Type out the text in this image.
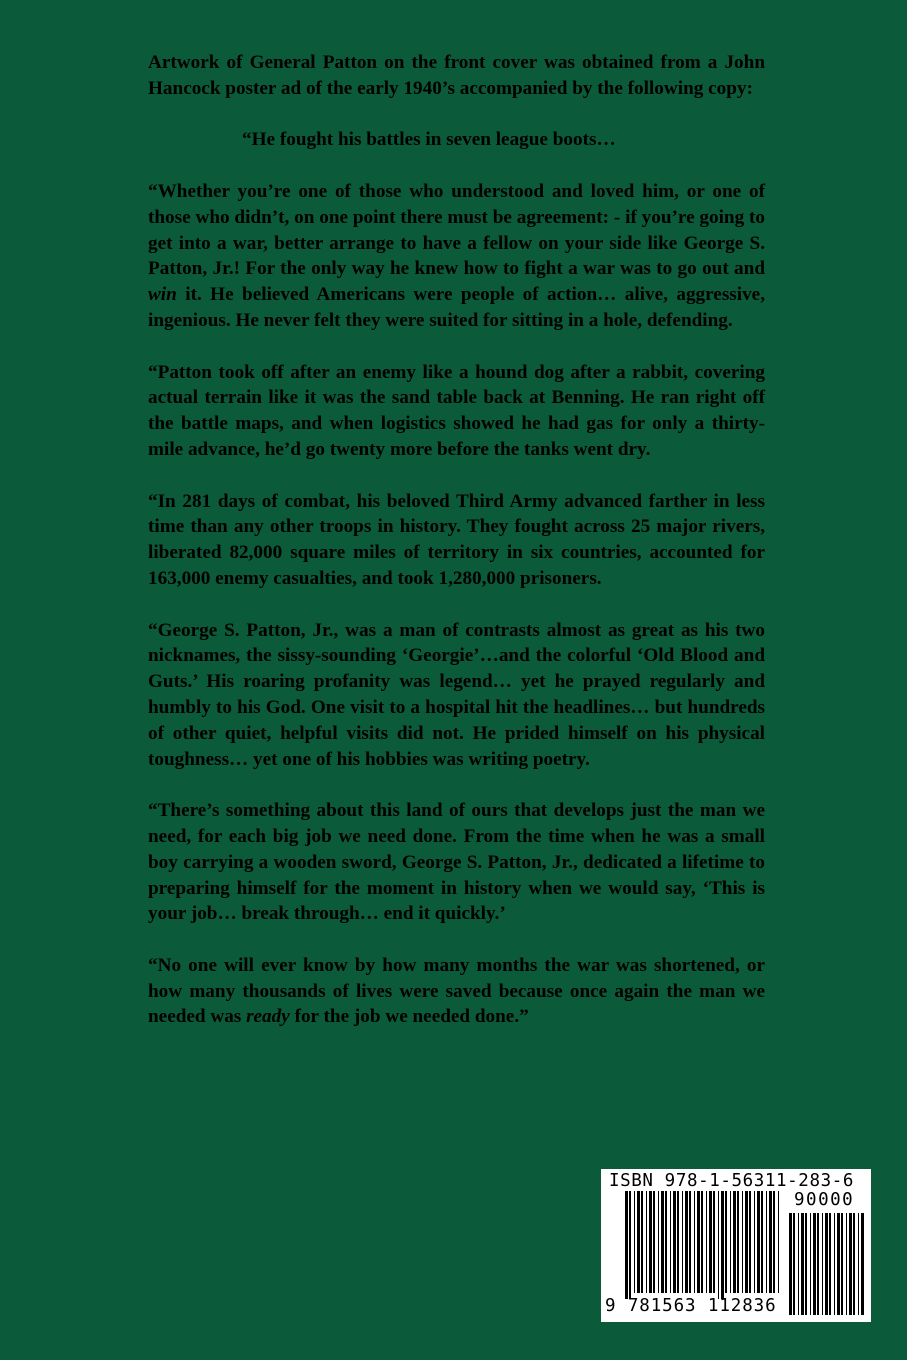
Artwork of General Patton on the front cover was obtained from a John Hancock poster ad of the early 1940’s accompanied by the following copy:

“He fought his battles in seven league boots…

“Whether you’re one of those who understood and loved him, or one of those who didn’t, on one point there must be agreement: - if you’re going to get into a war, better arrange to have a fellow on your side like George S. Patton, Jr.! For the only way he knew how to fight a war was to go out and win it. He believed Americans were people of action… alive, aggressive, ingenious. He never felt they were suited for sitting in a hole, defending.

“Patton took off after an enemy like a hound dog after a rabbit, covering actual terrain like it was the sand table back at Benning. He ran right off the battle maps, and when logistics showed he had gas for only a thirty-mile advance, he’d go twenty more before the tanks went dry.

“In 281 days of combat, his beloved Third Army advanced farther in less time than any other troops in history. They fought across 25 major rivers, liberated 82,000 square miles of territory in six countries, accounted for 163,000 enemy casualties, and took 1,280,000 prisoners.

“George S. Patton, Jr., was a man of contrasts almost as great as his two nicknames, the sissy-sounding ‘Georgie’…and the colorful ‘Old Blood and Guts.’ His roaring profanity was legend… yet he prayed regularly and humbly to his God. One visit to a hospital hit the headlines… but hundreds of other quiet, helpful visits did not. He prided himself on his physical toughness… yet one of his hobbies was writing poetry.

“There’s something about this land of ours that develops just the man we need, for each big job we need done. From the time when he was a small boy carrying a wooden sword, George S. Patton, Jr., dedicated a lifetime to preparing himself for the moment in history when we would say, ‘This is your job… break through… end it quickly.’

“No one will ever know by how many months the war was shortened, or how many thousands of lives were saved because once again the man we needed was ready for the job we needed done.”

ISBN 978-1-56311-283-6
90000
9 781563 112836
